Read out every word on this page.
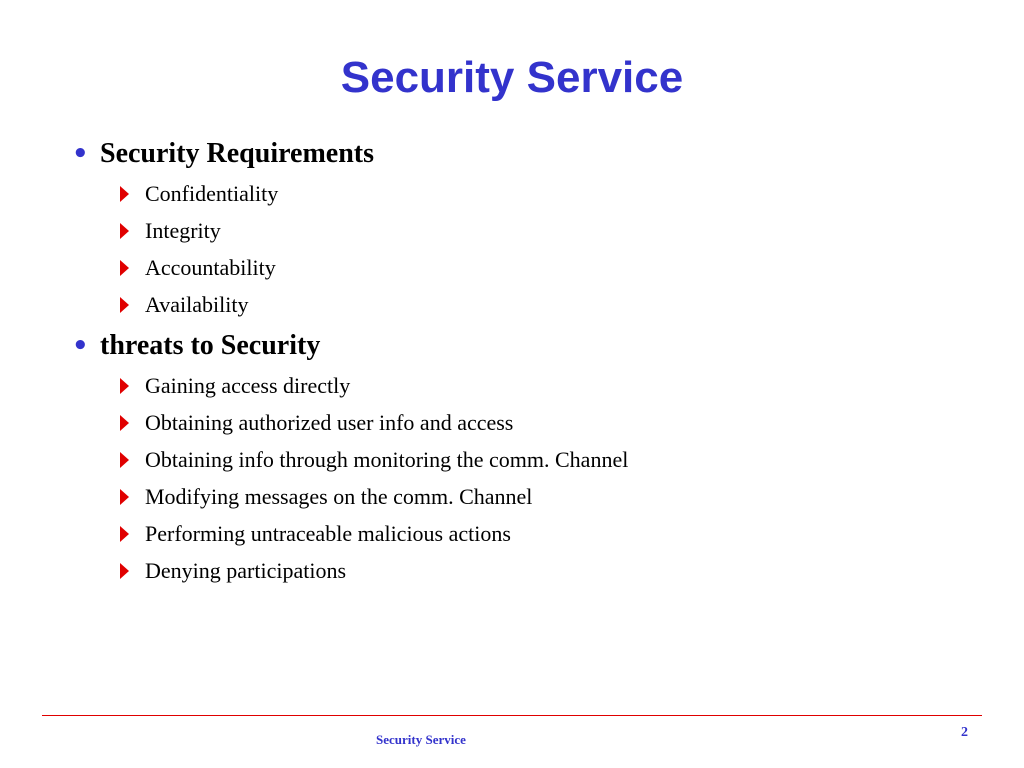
Security Service
• Security Requirements
Confidentiality
Integrity
Accountability
Availability
• threats to Security
Gaining access directly
Obtaining authorized user info and access
Obtaining info through monitoring the comm. Channel
Modifying messages on the comm. Channel
Performing untraceable malicious actions
Denying participations
Security Service	2
